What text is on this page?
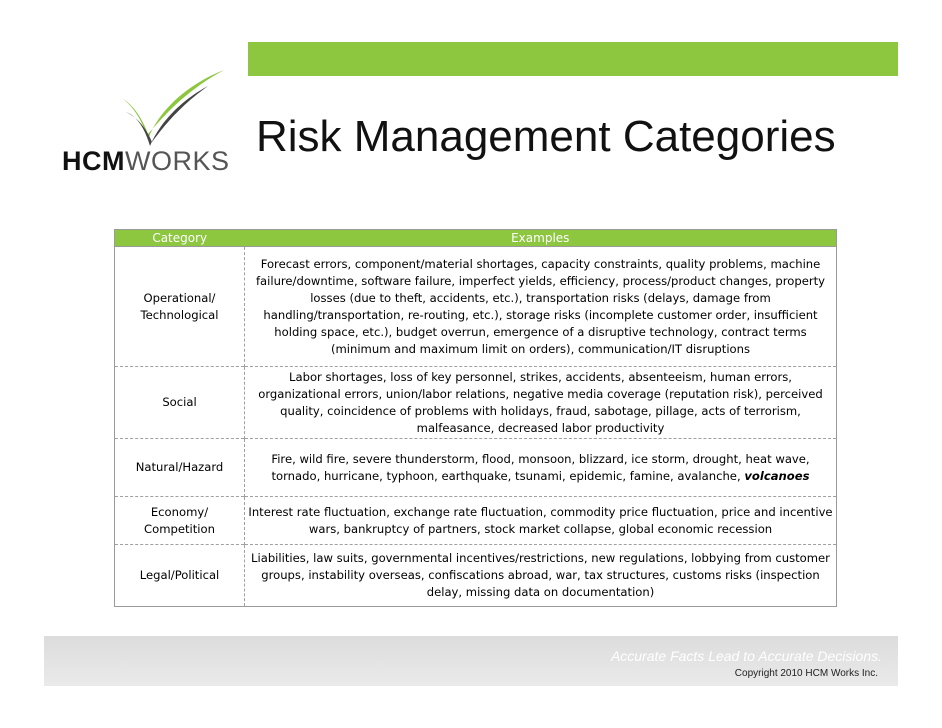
HCMWORKS Risk Management Categories
Category	Examples
Operational/ Technological	Forecast errors, component/material shortages, capacity constraints, quality problems, machine failure/downtime, software failure, imperfect yields, efficiency, process/product changes, property losses (due to theft, accidents, etc.), transportation risks (delays, damage from handling/transportation, re-routing, etc.), storage risks (incomplete customer order, insufficient holding space, etc.), budget overrun, emergence of a disruptive technology, contract terms (minimum and maximum limit on orders), communication/IT disruptions
Social	Labor shortages, loss of key personnel, strikes, accidents, absenteeism, human errors, organizational errors, union/labor relations, negative media coverage (reputation risk), perceived quality, coincidence of problems with holidays, fraud, sabotage, pillage, acts of terrorism, malfeasance, decreased labor productivity
Natural/Hazard	Fire, wild fire, severe thunderstorm, flood, monsoon, blizzard, ice storm, drought, heat wave, tornado, hurricane, typhoon, earthquake, tsunami, epidemic, famine, avalanche, volcanoes
Economy/ Competition	Interest rate fluctuation, exchange rate fluctuation, commodity price fluctuation, price and incentive wars, bankruptcy of partners, stock market collapse, global economic recession
Legal/Political	Liabilities, law suits, governmental incentives/restrictions, new regulations, lobbying from customer groups, instability overseas, confiscations abroad, war, tax structures, customs risks (inspection delay, missing data on documentation)
Accurate Facts Lead to Accurate Decisions.
Copyright 2010 HCM Works Inc.
